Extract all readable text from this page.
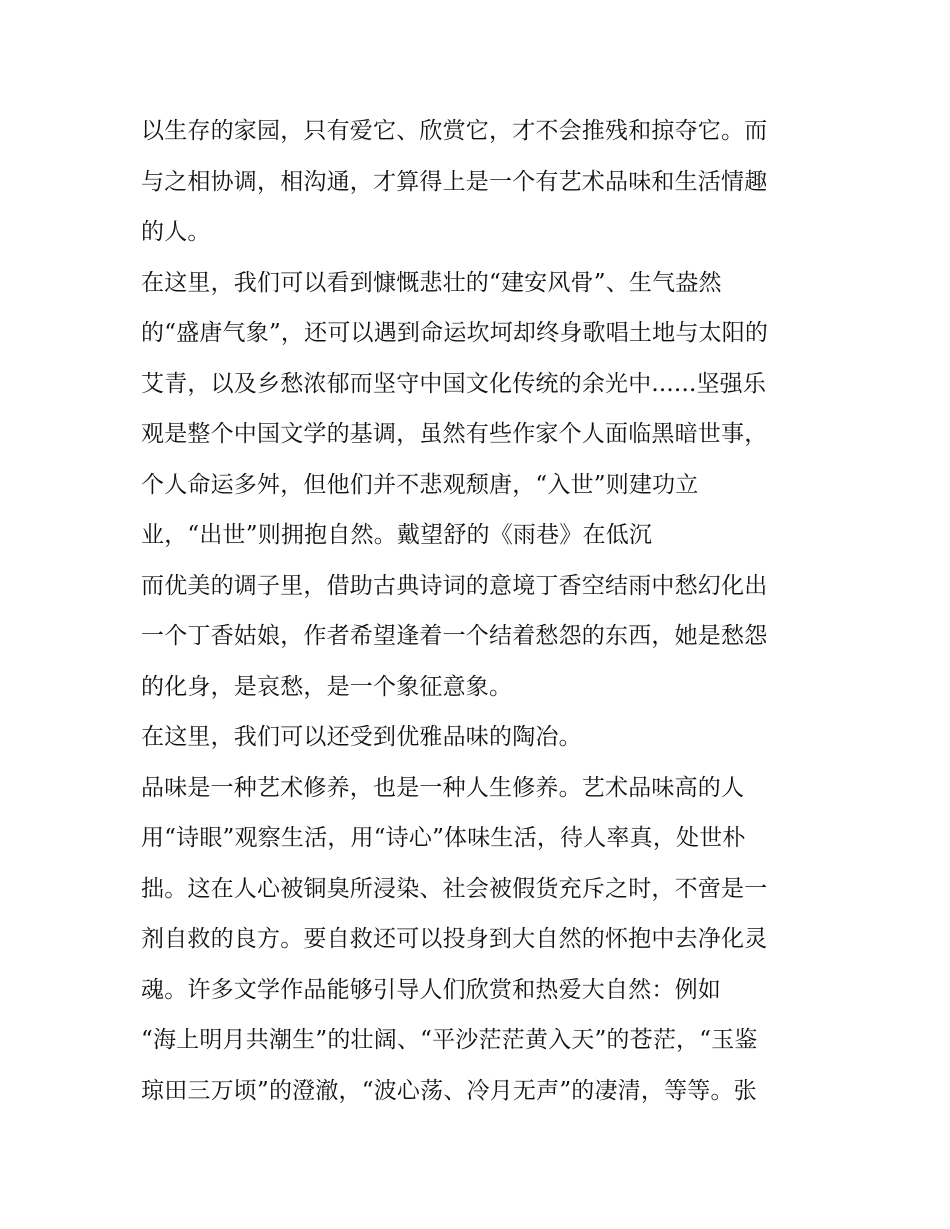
以生存的家园，只有爱它、欣赏它，才不会推残和掠夺它。而
与之相协调，相沟通，才算得上是一个有艺术品味和生活情趣
的人。
在这里，我们可以看到慷慨悲壮的“建安风骨”、生气盎然
的“盛唐气象”，还可以遇到命运坎坷却终身歌唱土地与太阳的
艾青，以及乡愁浓郁而坚守中国文化传统的余光中......坚强乐
观是整个中国文学的基调，虽然有些作家个人面临黑暗世事，
个人命运多舛，但他们并不悲观颓唐，“入世”则建功立
业，“出世”则拥抱自然。戴望舒的《雨巷》在低沉
而优美的调子里，借助古典诗词的意境丁香空结雨中愁幻化出
一个丁香姑娘，作者希望逢着一个结着愁怨的东西，她是愁怨
的化身，是哀愁，是一个象征意象。
在这里，我们可以还受到优雅品味的陶冶。
品味是一种艺术修养，也是一种人生修养。艺术品味高的人
用“诗眼”观察生活，用“诗心”体味生活，待人率真，处世朴
拙。这在人心被铜臭所浸染、社会被假货充斥之时，不啻是一
剂自救的良方。要自救还可以投身到大自然的怀抱中去净化灵
魂。许多文学作品能够引导人们欣赏和热爱大自然：例如
“海上明月共潮生”的壮阔、“平沙茫茫黄入天”的苍茫，“玉鉴
琼田三万顷”的澄澈，“波心荡、冷月无声”的凄清，等等。张
